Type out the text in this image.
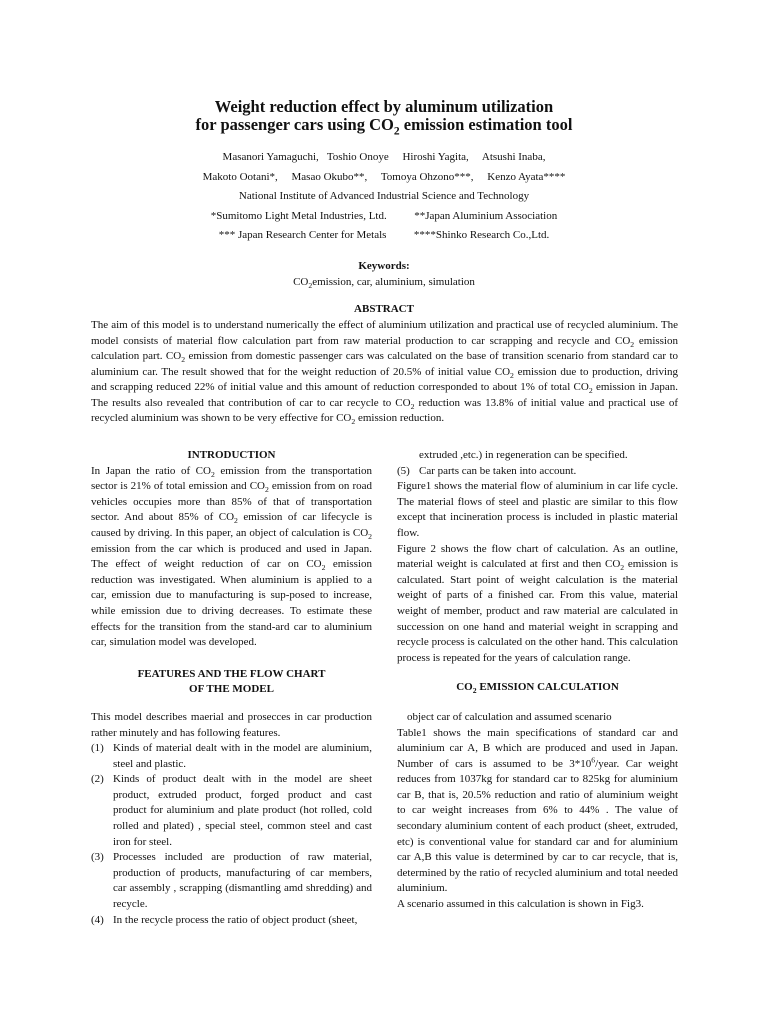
Weight reduction effect by aluminum utilization
for passenger cars using $CO_2$ emission estimation tool
Masanori Yamaguchi,   Toshio Onoye     Hiroshi Yagita,     Atsushi Inaba,
Makoto Ootani*,     Masao Okubo**,     Tomoya Ohzono***,     Kenzo Ayata****
National Institute of Advanced Industrial Science and Technology
*Sumitomo Light Metal Industries, Ltd.          **Japan Aluminium Association
*** Japan Research Center for Metals          ****Shinko Research Co.,Ltd.
Keywords:
$CO_2emission$, car, aluminium, simulation
ABSTRACT
The aim of this model is to understand numerically the effect of aluminium utilization and practical use of recycled aluminium. The model consists of material flow calculation part from raw material production to car scrapping and recycle and $CO_2$ emission calculation part. $CO_2$ emission from domestic passenger cars was calculated on the base of transition scenario from standard car to aluminium car. The result showed that for the weight reduction of 20.5% of initial value $CO_2$ emission due to production, driving and scrapping reduced 22% of initial value and this amount of reduction corresponded to about 1% of total $CO_2$ emission in Japan. The results also revealed that contribution of car to car recycle to $CO_2$ reduction was 13.8% of initial value and practical use of recycled aluminium was shown to be very effective for $CO_2$ emission reduction.
INTRODUCTION

In Japan the ratio of $CO_2$ emission from the transportation sector is 21% of total emission and $CO_2$ emission from on road vehicles occupies more than 85% of that of transportation sector. And about 85% of $CO_2$ emission of car lifecycle is caused by driving. In this paper, an object of calculation is $CO_2$ emission from the car which is produced and used in Japan. The effect of weight reduction of car on $CO_2$ emission reduction was investigated. When aluminium is applied to a car, emission due to manufacturing is sup-posed to increase, while emission due to driving decreases. To estimate these effects for the transition from the stand-ard car to aluminium car, simulation model was developed.

FEATURES AND THE FLOW CHART
OF THE MODEL

This model describes maerial and prosecces in car production rather minutely and has following features.

(1) Kinds of material dealt with in the model are aluminium, steel and plastic.
(2) Kinds of product dealt with in the model are sheet product, extruded product, forged product and cast product for aluminium and plate product (hot rolled, cold rolled and plated) , special steel, common steel and cast iron for steel.
(3) Processes included are production of raw material, production of products, manufacturing of car members, car assembly , scrapping (dismantling amd shredding) and recycle.
(4) In the recycle process the ratio of object product (sheet,
extruded ,etc.) in regeneration can be specified.
(5) Car parts can be taken into account.

Figure1 shows the material flow of aluminium in car life cycle. The material flows of steel and plastic are similar to this flow except that incineration process is included in plastic material flow.

Figure 2 shows the flow chart of calculation. As an outline, material weight is calculated at first and then $CO_2$ emission is calculated. Start point of weight calculation is the material weight of parts of a finished car. From this value, material weight of member, product and raw material are calculated in succession on one hand and material weight in scrapping and recycle process is calculated on the other hand. This calculation process is repeated for the years of calculation range.

$CO_2$ EMISSION CALCULATION

object car of calculation and assumed scenario

Table1 shows the main specifications of standard car and aluminium car A, B which are produced and used in Japan. Number of cars is assumed to be $3*10^6$/year. Car weight reduces from 1037kg for standard car to 825kg for aluminium car B, that is, 20.5% reduction and ratio of aluminium weight to car weight increases from 6% to 44% . The value of secondary aluminium content of each product (sheet, extruded, etc) is conventional value for standard car and for aluminium car A,B this value is determined by car to car recycle, that is, determined by the ratio of recycled aluminium and total needed aluminium.

A scenario assumed in this calculation is shown in Fig3.
